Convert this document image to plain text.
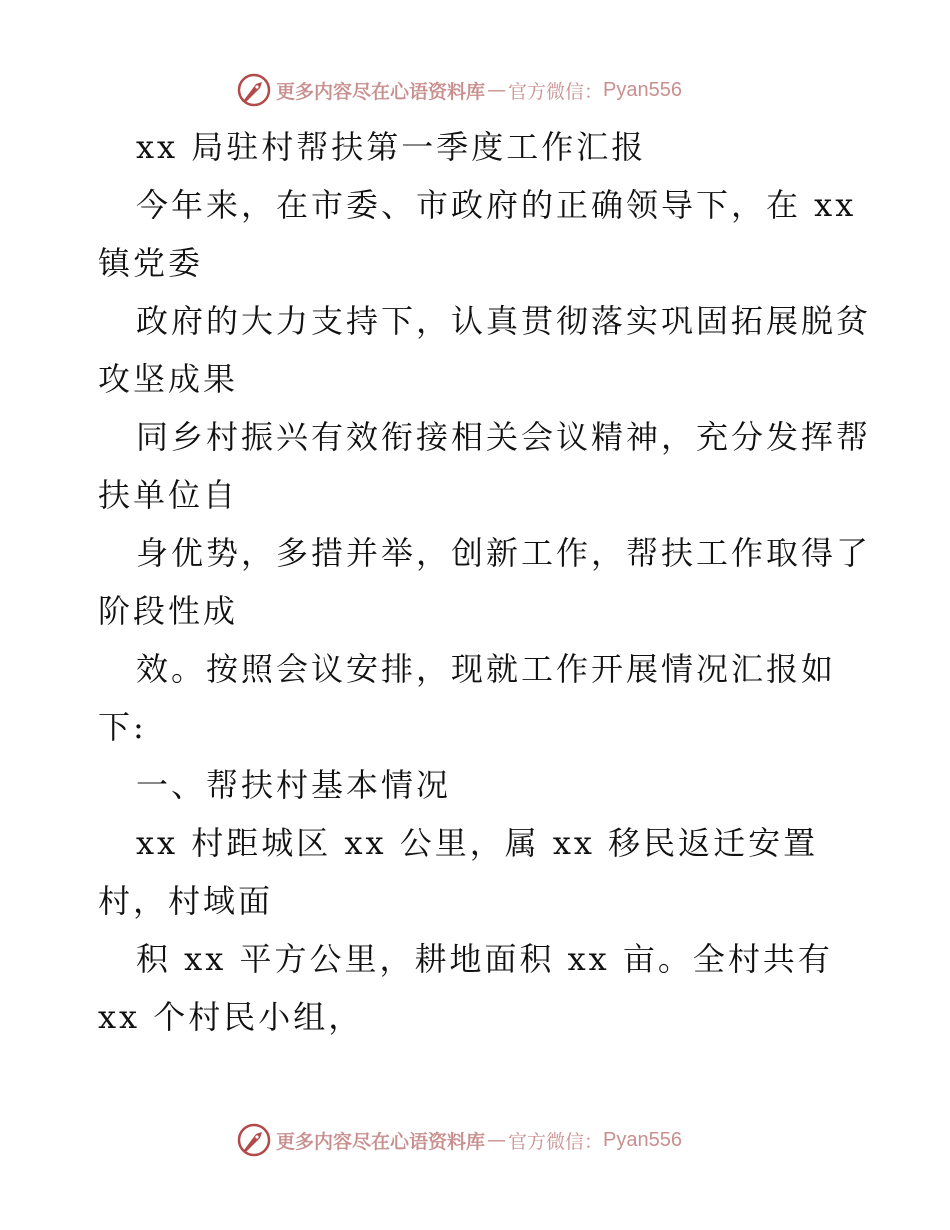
更多内容尽在心语资料库 — 官方微信： Pyan556
xx 局驻村帮扶第一季度工作汇报
今年来，在市委、市政府的正确领导下，在 xx
镇党委
政府的大力支持下，认真贯彻落实巩固拓展脱贫
攻坚成果
同乡村振兴有效衔接相关会议精神，充分发挥帮
扶单位自
身优势，多措并举，创新工作，帮扶工作取得了
阶段性成
效。按照会议安排，现就工作开展情况汇报如
下:
一、帮扶村基本情况
xx 村距城区 xx 公里，属 xx 移民返迁安置
村，村域面
积 xx 平方公里，耕地面积 xx 亩。全村共有
xx 个村民小组，
更多内容尽在心语资料库 — 官方微信： Pyan556
